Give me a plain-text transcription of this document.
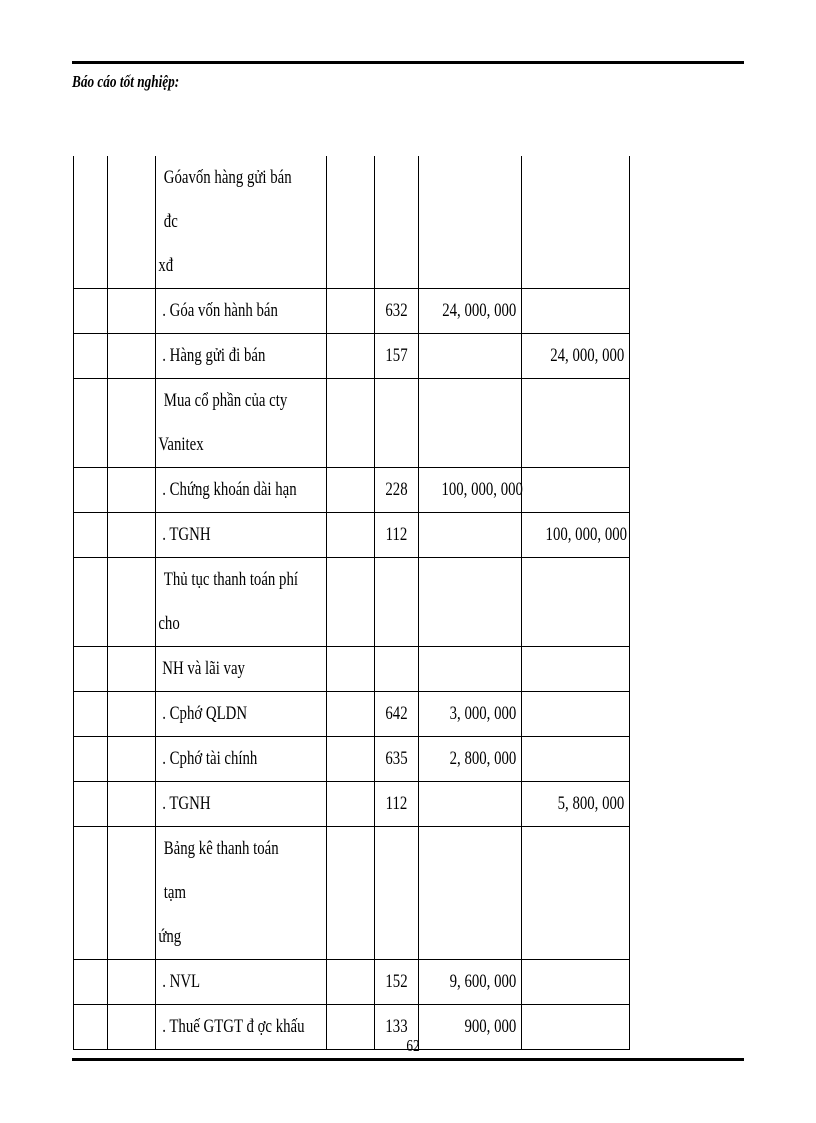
Báo cáo tốt nghiệp:

		Góavốn hàng gửi bán đc
xđ				

		. Góa vốn hành bán		632	24, 000, 000	

		. Hàng gửi đi bán		157		24, 000, 000

		Mua cổ phần của cty
Vanitex				

		. Chứng khoán dài hạn		228	100, 000, 000	

		. TGNH		112		100, 000, 000

		Thủ tục thanh toán phí
cho				

		NH và lãi vay				

		. Cphớ QLDN		642	3, 000, 000	

		. Cphớ tài chính		635	2, 800, 000	

		. TGNH		112		5, 800, 000

		Bảng kê thanh toán tạm
ứng				

		. NVL		152	9, 600, 000	

		. Thuế GTGT đ ợc khấu		133	900, 000	

62
